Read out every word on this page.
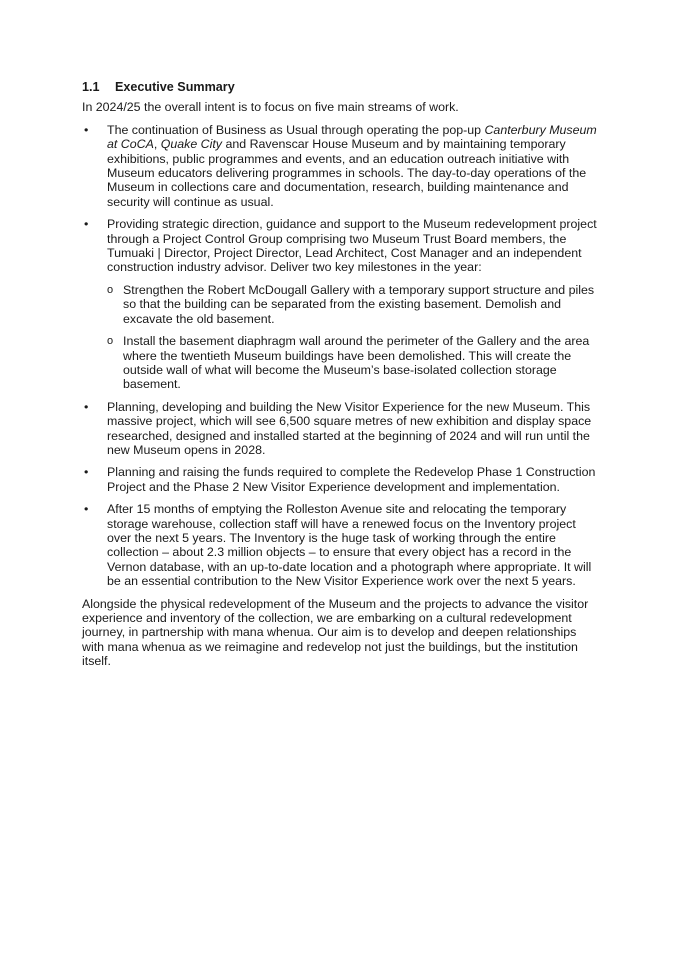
1.1	Executive Summary

In 2024/25 the overall intent is to focus on five main streams of work.

• The continuation of Business as Usual through operating the pop-up Canterbury Museum at CoCA, Quake City and Ravenscar House Museum and by maintaining temporary exhibitions, public programmes and events, and an education outreach initiative with Museum educators delivering programmes in schools. The day-to-day operations of the Museum in collections care and documentation, research, building maintenance and security will continue as usual.

• Providing strategic direction, guidance and support to the Museum redevelopment project through a Project Control Group comprising two Museum Trust Board members, the Tumuaki | Director, Project Director, Lead Architect, Cost Manager and an independent construction industry advisor. Deliver two key milestones in the year:

o Strengthen the Robert McDougall Gallery with a temporary support structure and piles so that the building can be separated from the existing basement. Demolish and excavate the old basement.

o Install the basement diaphragm wall around the perimeter of the Gallery and the area where the twentieth Museum buildings have been demolished. This will create the outside wall of what will become the Museum’s base-isolated collection storage basement.

• Planning, developing and building the New Visitor Experience for the new Museum. This massive project, which will see 6,500 square metres of new exhibition and display space researched, designed and installed started at the beginning of 2024 and will run until the new Museum opens in 2028.

• Planning and raising the funds required to complete the Redevelop Phase 1 Construction Project and the Phase 2 New Visitor Experience development and implementation.

• After 15 months of emptying the Rolleston Avenue site and relocating the temporary storage warehouse, collection staff will have a renewed focus on the Inventory project over the next 5 years. The Inventory is the huge task of working through the entire collection – about 2.3 million objects – to ensure that every object has a record in the Vernon database, with an up-to-date location and a photograph where appropriate. It will be an essential contribution to the New Visitor Experience work over the next 5 years.

Alongside the physical redevelopment of the Museum and the projects to advance the visitor experience and inventory of the collection, we are embarking on a cultural redevelopment journey, in partnership with mana whenua. Our aim is to develop and deepen relationships with mana whenua as we reimagine and redevelop not just the buildings, but the institution itself.
